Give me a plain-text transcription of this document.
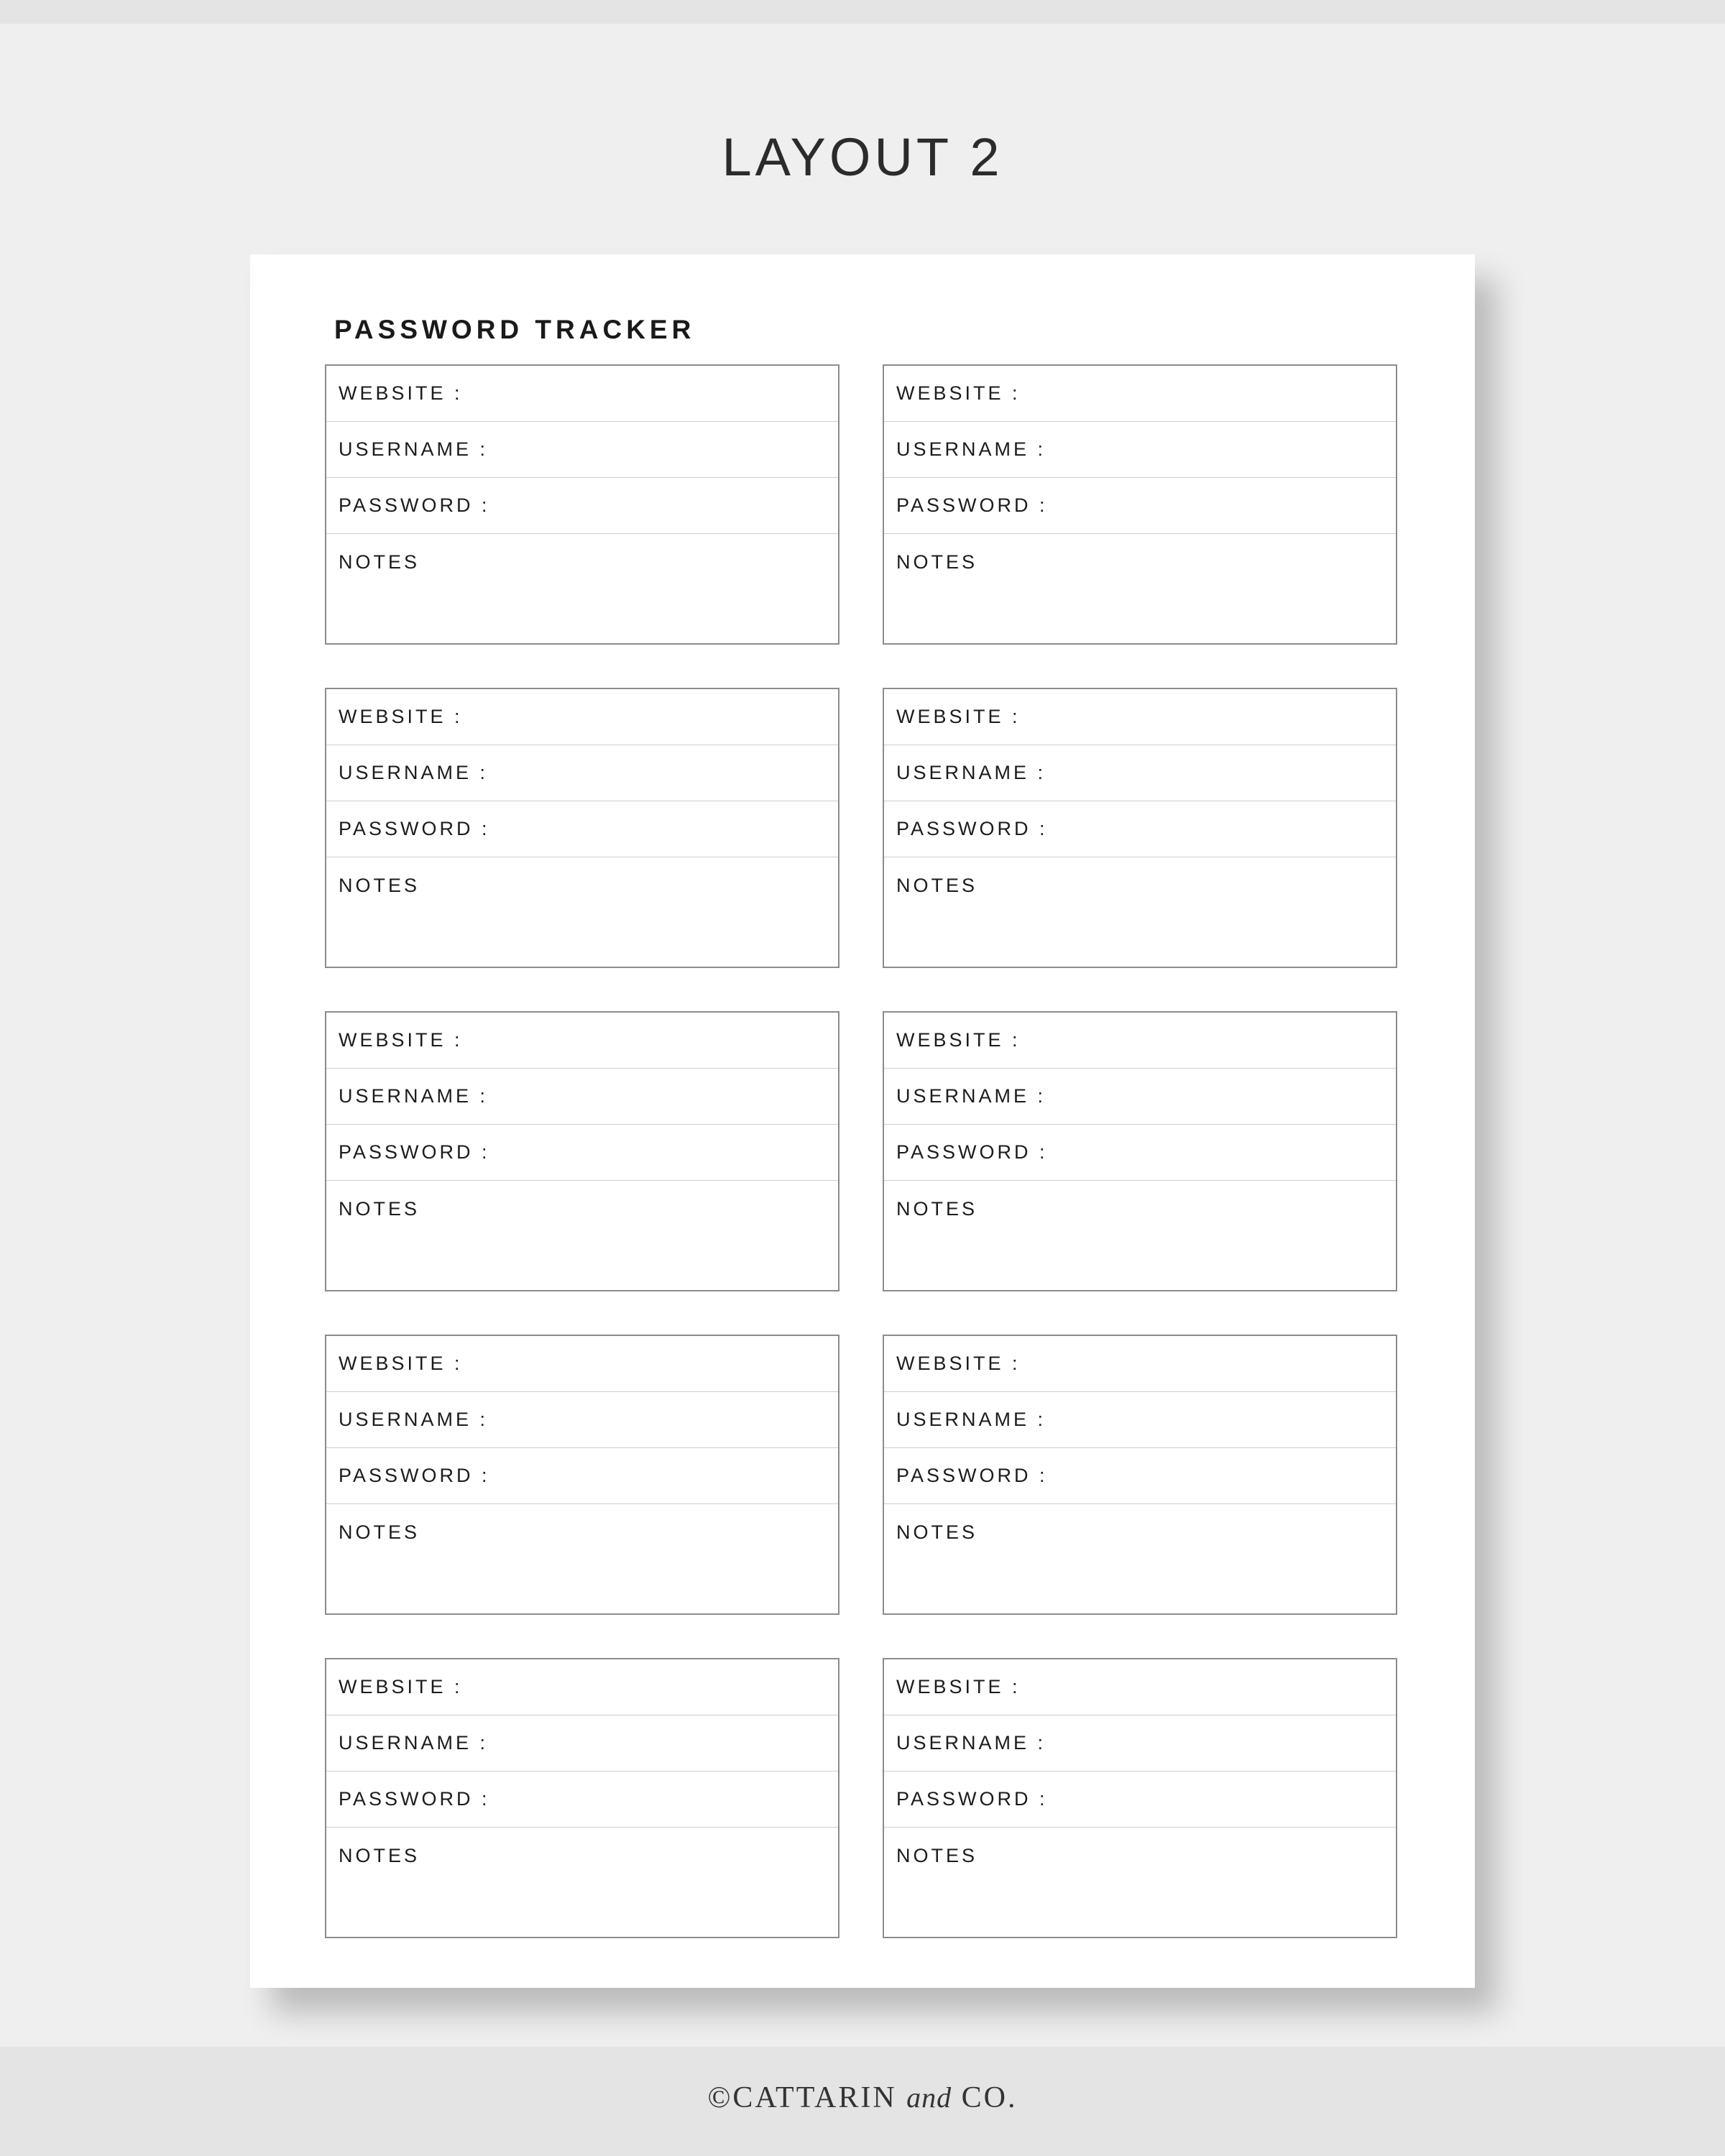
LAYOUT 2
PASSWORD TRACKER
WEBSITE :
USERNAME :
PASSWORD :
NOTES
WEBSITE :
USERNAME :
PASSWORD :
NOTES
WEBSITE :
USERNAME :
PASSWORD :
NOTES
WEBSITE :
USERNAME :
PASSWORD :
NOTES
WEBSITE :
USERNAME :
PASSWORD :
NOTES
WEBSITE :
USERNAME :
PASSWORD :
NOTES
WEBSITE :
USERNAME :
PASSWORD :
NOTES
WEBSITE :
USERNAME :
PASSWORD :
NOTES
WEBSITE :
USERNAME :
PASSWORD :
NOTES
WEBSITE :
USERNAME :
PASSWORD :
NOTES
©CATTARIN and CO.
